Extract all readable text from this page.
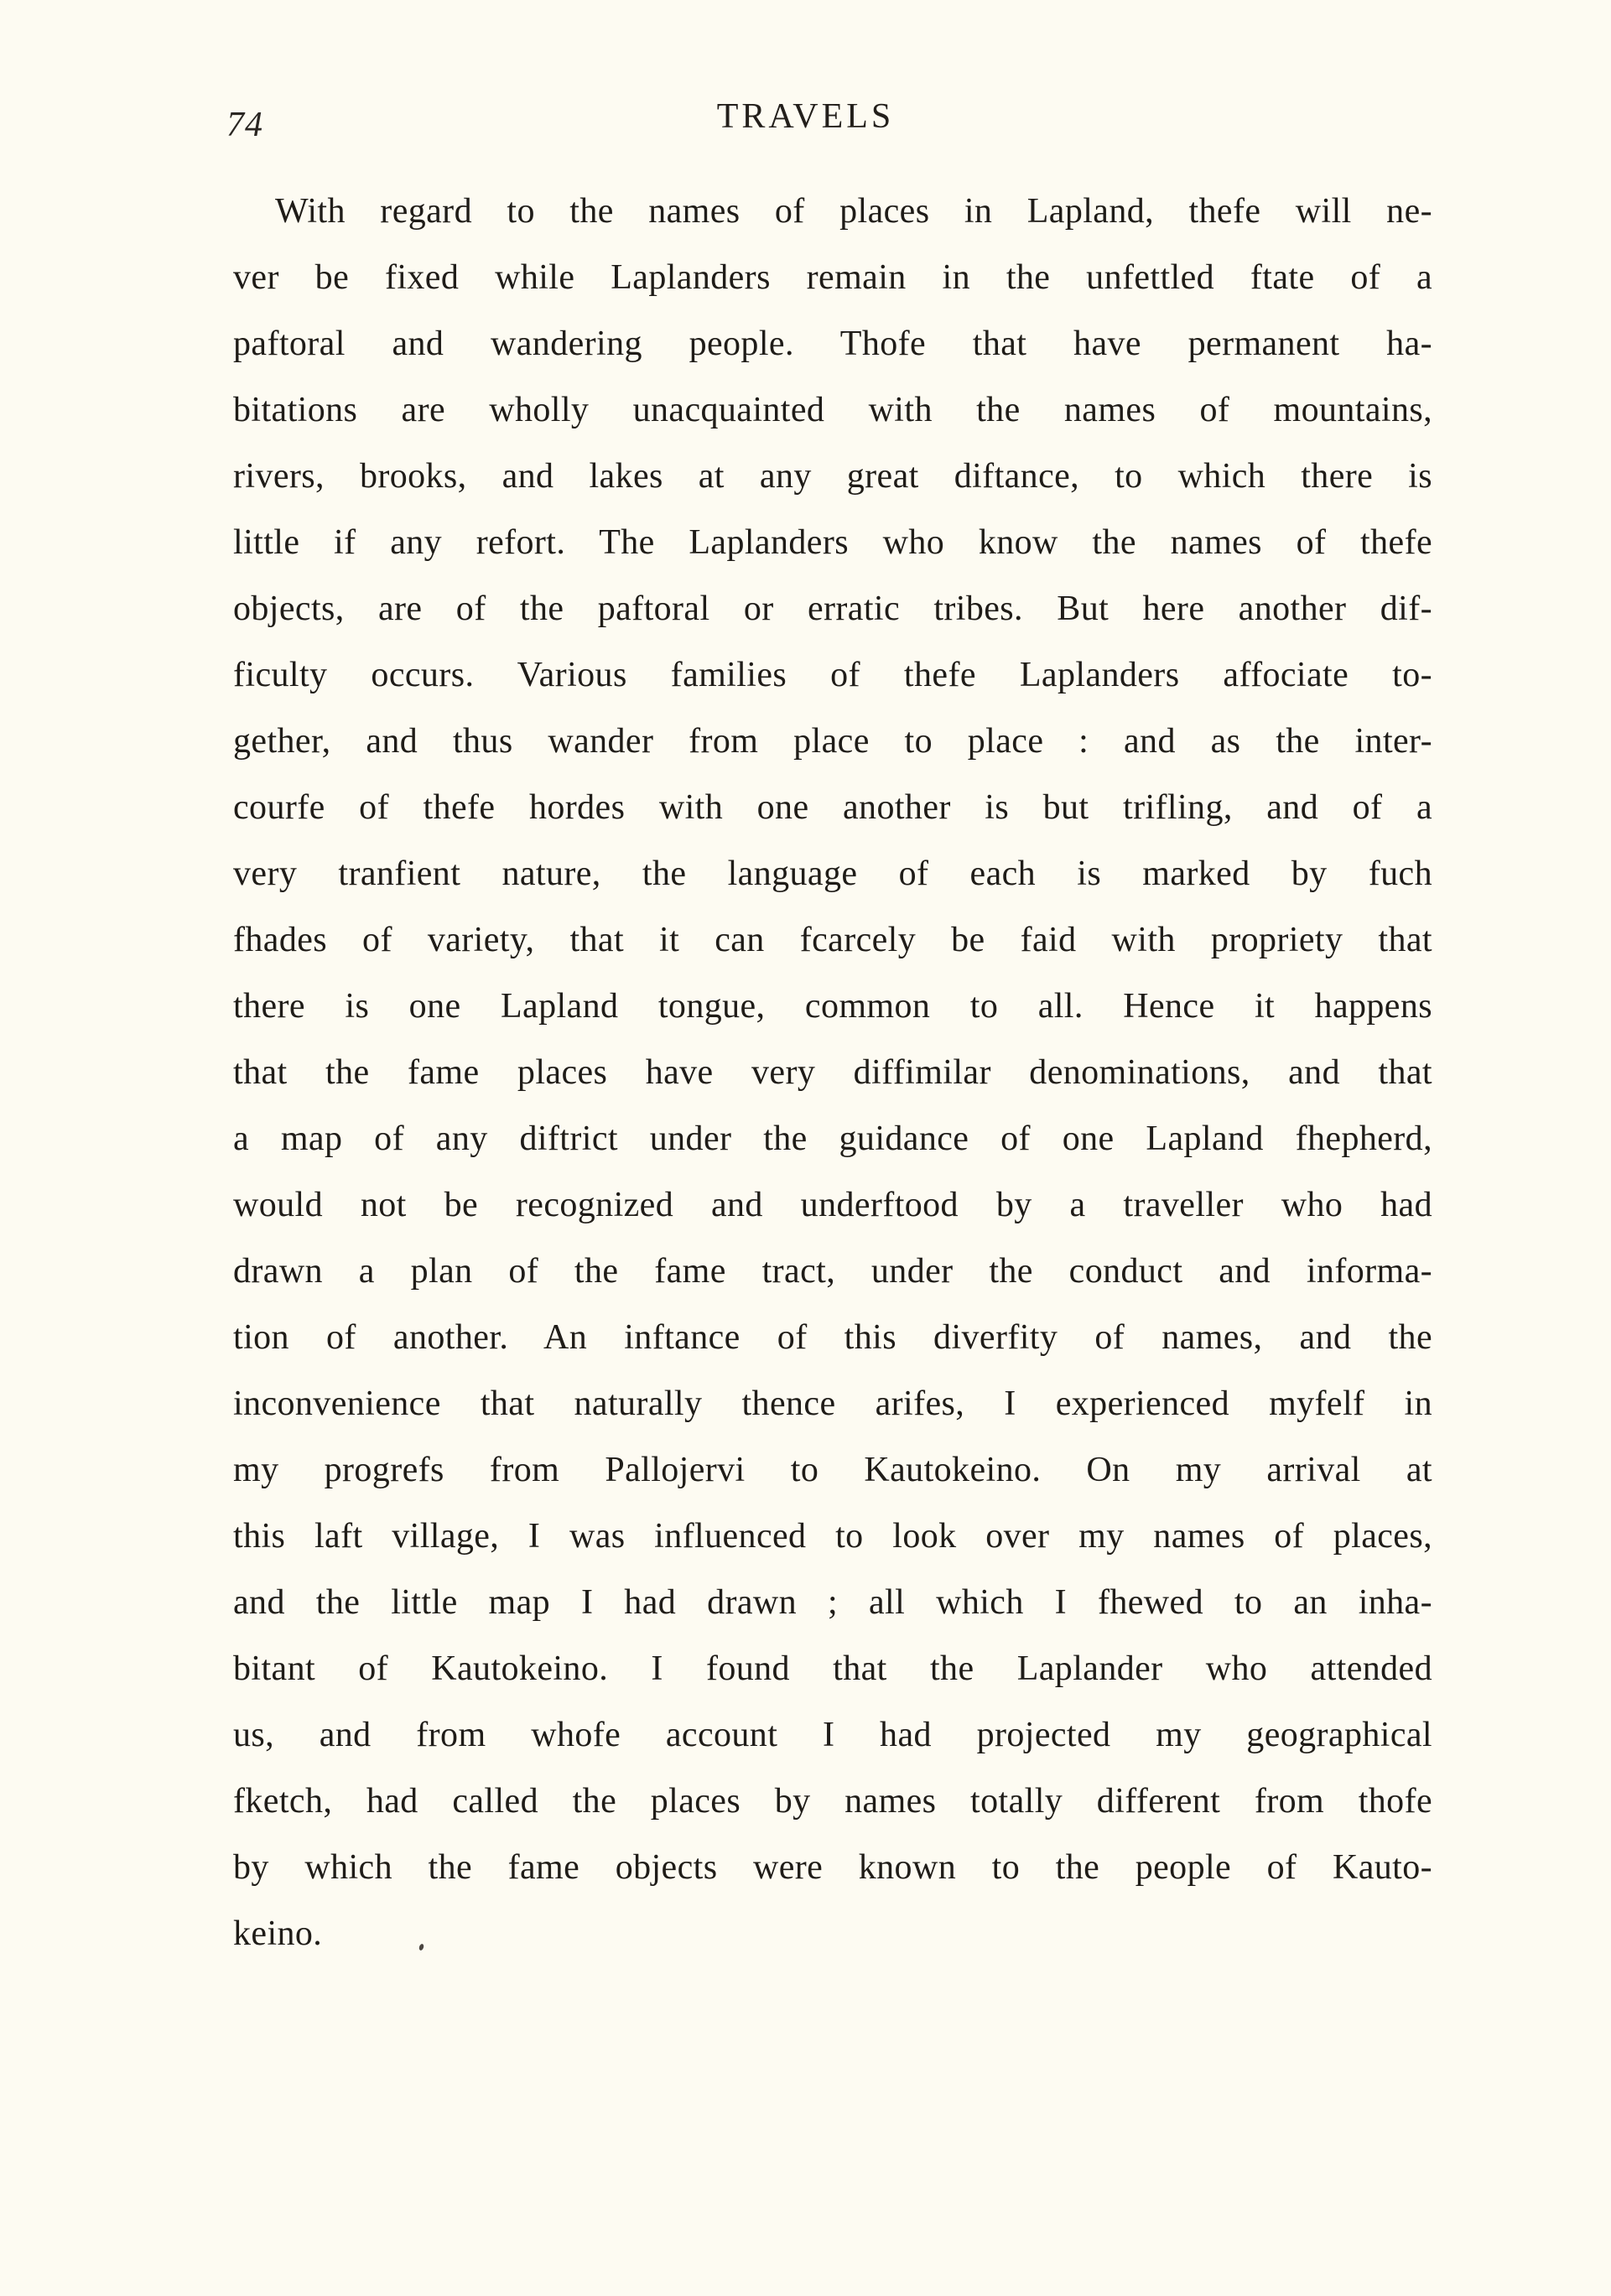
74	TRAVELS
With regard to the names of places in Lapland, thefe will ne-
ver be fixed while Laplanders remain in the unfettled ftate of a
paftoral and wandering people. Thofe that have permanent ha-
bitations are wholly unacquainted with the names of mountains,
rivers, brooks, and lakes at any great diftance, to which there is
little if any refort. The Laplanders who know the names of thefe
objects, are of the paftoral or erratic tribes. But here another dif-
ficulty occurs. Various families of thefe Laplanders affociate to-
gether, and thus wander from place to place : and as the inter-
courfe of thefe hordes with one another is but trifling, and of a
very tranfient nature, the language of each is marked by fuch
fhades of variety, that it can fcarcely be faid with propriety that
there is one Lapland tongue, common to all. Hence it happens
that the fame places have very diffimilar denominations, and that
a map of any diftrict under the guidance of one Lapland fhepherd,
would not be recognized and underftood by a traveller who had
drawn a plan of the fame tract, under the conduct and informa-
tion of another. An inftance of this diverfity of names, and the
inconvenience that naturally thence arifes, I experienced myfelf in
my progrefs from Pallojervi to Kautokeino. On my arrival at
this laft village, I was influenced to look over my names of places,
and the little map I had drawn ; all which I fhewed to an inha-
bitant of Kautokeino. I found that the Laplander who attended
us, and from whofe account I had projected my geographical
fketch, had called the places by names totally different from thofe
by which the fame objects were known to the people of Kauto-
keino.
